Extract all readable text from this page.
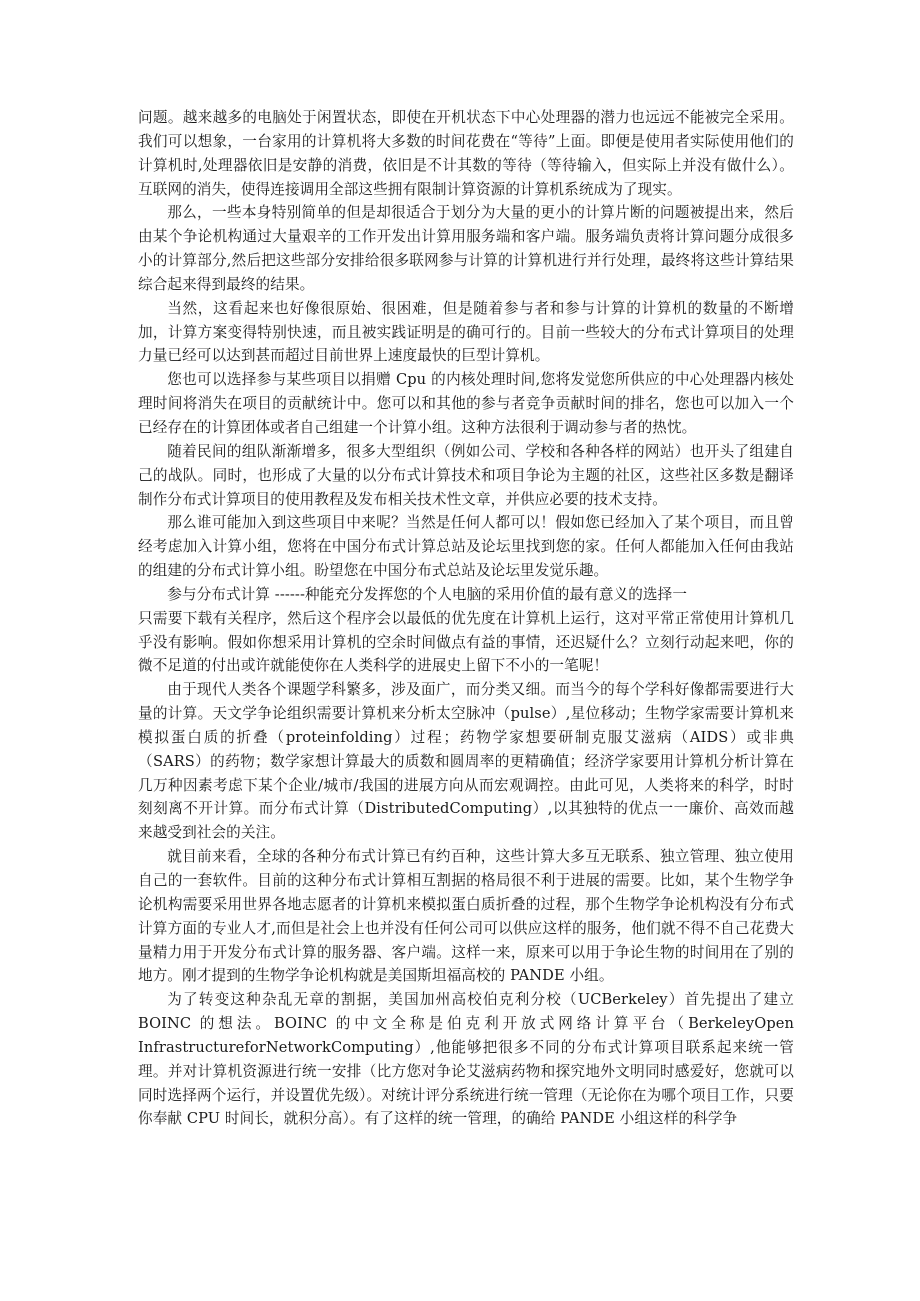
问题。越来越多的电脑处于闲置状态，即使在开机状态下中心处理器的潜力也远远不能被完全采用。我们可以想象，一台家用的计算机将大多数的时间花费在“等待”上面。即便是使用者实际使用他们的计算机时,处理器依旧是安静的消费，依旧是不计其数的等待（等待输入，但实际上并没有做什么）。互联网的消失，使得连接调用全部这些拥有限制计算资源的计算机系统成为了现实。

那么，一些本身特别简单的但是却很适合于划分为大量的更小的计算片断的问题被提出来，然后由某个争论机构通过大量艰辛的工作开发出计算用服务端和客户端。服务端负责将计算问题分成很多小的计算部分,然后把这些部分安排给很多联网参与计算的计算机进行并行处理，最终将这些计算结果综合起来得到最终的结果。

当然，这看起来也好像很原始、很困难，但是随着参与者和参与计算的计算机的数量的不断增加，计算方案变得特别快速，而且被实践证明是的确可行的。目前一些较大的分布式计算项目的处理力量已经可以达到甚而超过目前世界上速度最快的巨型计算机。

您也可以选择参与某些项目以捐赠 Cpu 的内核处理时间,您将发觉您所供应的中心处理器内核处理时间将消失在项目的贡献统计中。您可以和其他的参与者竞争贡献时间的排名，您也可以加入一个已经存在的计算团体或者自己组建一个计算小组。这种方法很利于调动参与者的热忱。

随着民间的组队渐渐增多，很多大型组织（例如公司、学校和各种各样的网站）也开头了组建自己的战队。同时，也形成了大量的以分布式计算技术和项目争论为主题的社区，这些社区多数是翻译制作分布式计算项目的使用教程及发布相关技术性文章，并供应必要的技术支持。

那么谁可能加入到这些项目中来呢？当然是任何人都可以！假如您已经加入了某个项目，而且曾经考虑加入计算小组，您将在中国分布式计算总站及论坛里找到您的家。任何人都能加入任何由我站的组建的分布式计算小组。盼望您在中国分布式总站及论坛里发觉乐趣。

参与分布式计算 ------种能充分发挥您的个人电脑的采用价值的最有意义的选择一

只需要下载有关程序，然后这个程序会以最低的优先度在计算机上运行，这对平常正常使用计算机几乎没有影响。假如你想采用计算机的空余时间做点有益的事情，还迟疑什么？立刻行动起来吧，你的微不足道的付出或许就能使你在人类科学的进展史上留下不小的一笔呢！

由于现代人类各个课题学科繁多，涉及面广，而分类又细。而当今的每个学科好像都需要进行大量的计算。天文学争论组织需要计算机来分析太空脉冲（pulse）,星位移动；生物学家需要计算机来模拟蛋白质的折叠（proteinfolding）过程；药物学家想要研制克服艾滋病（AIDS）或非典（SARS）的药物；数学家想计算最大的质数和圆周率的更精确值；经济学家要用计算机分析计算在几万种因素考虑下某个企业/城市/我国的进展方向从而宏观调控。由此可见，人类将来的科学，时时刻刻离不开计算。而分布式计算（DistributedComputing）,以其独特的优点一一廉价、高效而越来越受到社会的关注。

就目前来看，全球的各种分布式计算已有约百种，这些计算大多互无联系、独立管理、独立使用自己的一套软件。目前的这种分布式计算相互割据的格局很不利于进展的需要。比如，某个生物学争论机构需要采用世界各地志愿者的计算机来模拟蛋白质折叠的过程，那个生物学争论机构没有分布式计算方面的专业人才,而但是社会上也并没有任何公司可以供应这样的服务，他们就不得不自己花费大量精力用于开发分布式计算的服务器、客户端。这样一来，原来可以用于争论生物的时间用在了别的地方。刚才提到的生物学争论机构就是美国斯坦福高校的 PANDE 小组。

为了转变这种杂乱无章的割据，美国加州高校伯克利分校（UCBerkeley）首先提出了建立 BOINC 的想法。BOINC 的中文全称是伯克利开放式网络计算平台（BerkeleyOpen InfrastructureforNetworkComputing）,他能够把很多不同的分布式计算项目联系起来统一管理。并对计算机资源进行统一安排（比方您对争论艾滋病药物和探究地外文明同时感爱好，您就可以同时选择两个运行，并设置优先级）。对统计评分系统进行统一管理（无论你在为哪个项目工作，只要你奉献 CPU 时间长，就积分高）。有了这样的统一管理，的确给 PANDE 小组这样的科学争
